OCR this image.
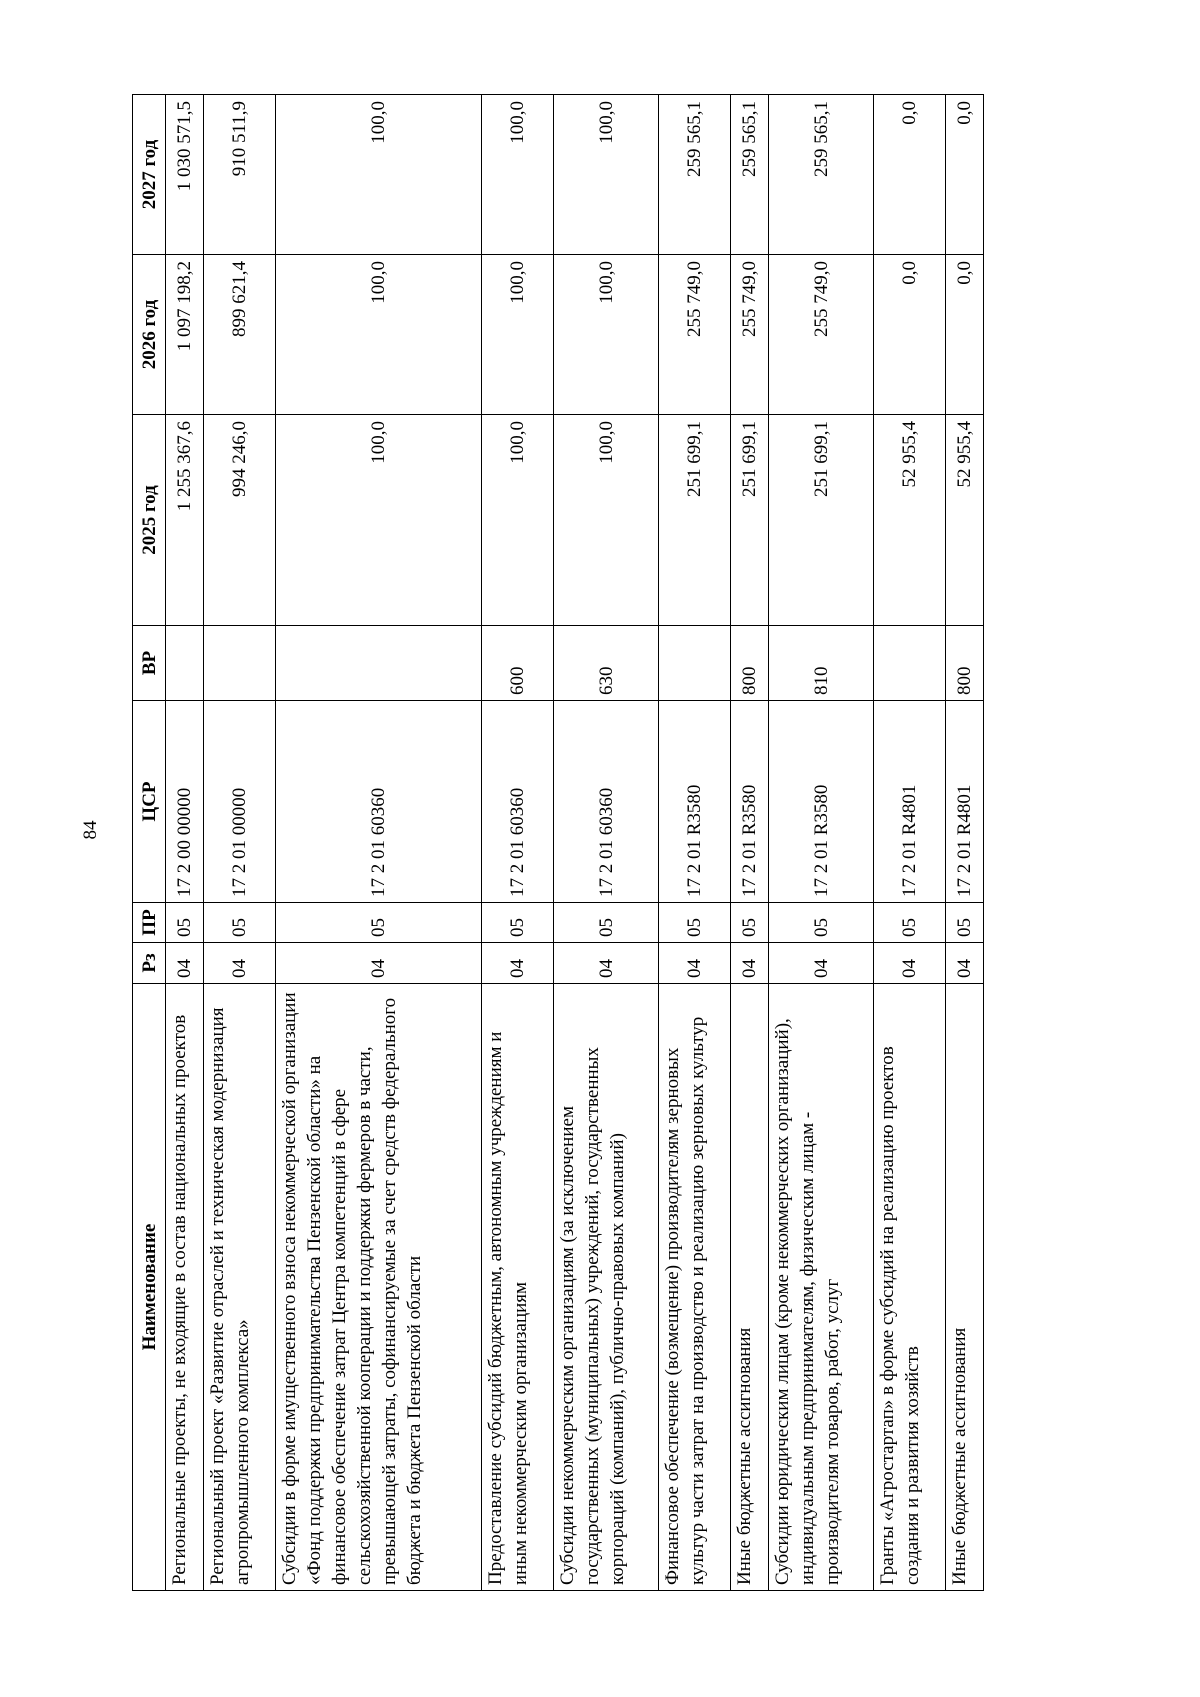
84
Наименование	Рз	ПР	ЦСР	ВР	2025 год	2026 год	2027 год
Региональные проекты, не входящие в состав национальных проектов	04	05	17 2 00 00000		1 255 367,6	1 097 198,2	1 030 571,5
Региональный проект «Развитие отраслей и техническая модернизация агропромышленного комплекса»	04	05	17 2 01 00000		994 246,0	899 621,4	910 511,9
Субсидии в форме имущественного взноса некоммерческой организации «Фонд поддержки предпринимательства Пензенской области» на финансовое обеспечение затрат Центра компетенций в сфере сельскохозяйственной кооперации и поддержки фермеров в части, превышающей затраты, софинансируемые за счет средств федерального бюджета и бюджета Пензенской области	04	05	17 2 01 60360		100,0	100,0	100,0
Предоставление субсидий бюджетным, автономным учреждениям и иным некоммерческим организациям	04	05	17 2 01 60360	600	100,0	100,0	100,0
Субсидии некоммерческим организациям (за исключением государственных (муниципальных) учреждений, государственных корпораций (компаний), публично-правовых компаний)	04	05	17 2 01 60360	630	100,0	100,0	100,0
Финансовое обеспечение (возмещение) производителям зерновых культур части затрат на производство и реализацию зерновых культур	04	05	17 2 01 R3580		251 699,1	255 749,0	259 565,1
Иные бюджетные ассигнования	04	05	17 2 01 R3580	800	251 699,1	255 749,0	259 565,1
Субсидии юридическим лицам (кроме некоммерческих организаций), индивидуальным предпринимателям, физическим лицам - производителям товаров, работ, услуг	04	05	17 2 01 R3580	810	251 699,1	255 749,0	259 565,1
Гранты «Агростартап» в форме субсидий на реализацию проектов создания и развития хозяйств	04	05	17 2 01 R4801		52 955,4	0,0	0,0
Иные бюджетные ассигнования	04	05	17 2 01 R4801	800	52 955,4	0,0	0,0
